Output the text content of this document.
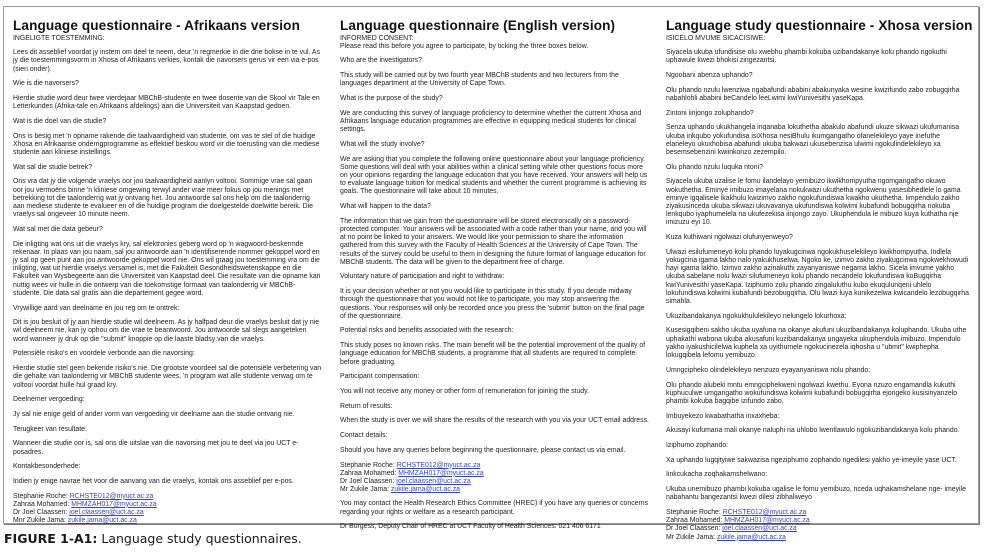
Language questionnaire - Afrikaans version
INGELIGTE TOESTEMMING:

Lees dit asseblief voordat jy instem om deel te neem, deur 'n regmerkie in die drie bokse in te vul. As jy die toestemmingsvorm in Xhosa of Afrikaans verkies, kontak die navorsers gerus vir een via e-pos (sien onder).

Wie is die navorsers?

Hierdie studie word deur twee vierdejaar MBChB-studente en twee dosente van die Skool vir Tale en Letterkundes (Afrika-tale en Afrikaans afdelings) aan die Universiteit van Kaapstad gedoen.

Wat is die doel van die studie?

Ons is besig met 'n opname rakende die taalvaardigheid van studente, om vas te stel of die huidige Xhosa en Afrikaanse onderrigprogramme as effektief beskou word vir die toerusting van die mediese studente aan kliniese instellings.

Wat sal die studie betrek?

Ons vra dat jy die volgende vraelys oor jou taalvaardigheid aanlyn voltooi. Sommige vrae sal gaan oor jou vermoëns binne 'n kliniese omgewing terwyl ander vrae meer fokus op jou menings met betrekking tot die taalonderrig wat jy ontvang het. Jou antwoorde sal ons help om die taalonderrig aan mediese studente te evalueer en of die huidige program die doelgestelde doelwitte bereik. Die vraelys sal ongeveer 10 minute neem.

Wat sal met die data gebeur?

Die inligting wat ons uit die vraelys kry, sal elektronies geberg word op 'n wagwoord-beskermde rekenaar. In plaas van jou naam, sal jou antwoorde aan 'n identifiserende nommer gekoppel word en jy sal op geen punt aan jou antwoorde gekoppel word nie. Ons wil graag jou toestemming vra om die inligting, wat uit hierdie vraelys versamel is, met die Fakulteit Gesondheidswetenskappe en die Fakulteit van Wysbegeerte aan die Universiteit van Kaapstad deel. Die resultate van die opname kan nuttig wees vir hulle in die ontwerp van die toekomstige formaat van taalonderrig vir MBChB-studente. Die data sal gratis aan die departement gegee word.

Vrywillige aard van deelname en jou reg om te onttrek:

Dit is jou besluit of jy aan hierdie studie wil deelneem. As jy halfpad deur die vraelys besluit dat jy nie wil deelneem nie, kan jy ophou om die vrae te beantwoord. Jou antwoorde sal slegs aangeteken word wanneer jy druk op die "submit" knoppie op die laaste bladsy van die vraelys.

Potensiële risiko's en voordele verbonde aan die navorsing:

Hierdie studie stel geen bekende risiko's nie. Die grootste voordeel sal die potensiële verbetering van die gehalte van taalonderrig vir MBChB studente wees, 'n program wat alle studente verwag om te voltooi voordat hulle hul graad kry.

Deelnemer vergoeding:

Jy sal nie enige geld of ander vorm van vergoeding vir deelname aan die studie ontvang nie.

Terugkeer van resultate:

Wanneer die studie oor is, sal ons die uitslae van die navorsing met jou te deel via jou UCT e-posadres.

Kontakbesonderhede:

Indien jy enige navrae het voor die aanvang van die vraelys, kontak ons asseblief per e-pos.

Stephanie Roche: RCHSTE012@myuct.ac.za
Zahraa Mohamed: MHMZAH017@myuct.ac.za
Dr Joel Claassen: joel.claassen@uct.ac.za
Mnr Zukile Jama: zukile.jama@uct.ac.za
Language questionnaire (English version)
INFORMED CONSENT:
Please read this before you agree to participate, by ticking the three boxes below.

Who are the investigators?

This study will be carried out by two fourth year MBChB students and two lecturers from the languages department at the University of Cape Town.

What is the purpose of the study?

We are conducting this survey of language proficiency to determine whether the current Xhosa and Afrikaans language education programmes are effective in equipping medical students for clinical settings.

What will the study involve?

We are asking that you complete the following online questionnaire about your language proficiency. Some questions will deal with your abilities within a clinical setting while other questions focus more on your opinions regarding the language education that you have received. Your answers will help us to evaluate language tuition for medical students and whether the current programme is achieving its goals. The questionnaire will take about 10 minutes.

What will happen to the data?

The information that we gain from the questionnaire will be stored electronically on a password-protected computer. Your answers will be associated with a code rather than your name, and you will at no point be linked to your answers. We would like your permission to share the information gathered from this survey with the Faculty of Health Sciences at the University of Cape Town. The results of the survey could be useful to them in designing the future format of language education for MBChB students. The data will be given to the department free of charge.

Voluntary nature of participation and right to withdraw:

It is your decision whether or not you would like to participate in this study. If you decide midway through the questionnaire that you would not like to participate, you may stop answering the questions. Your responses will only be recorded once you press the 'submit' button on the final page of the questionnaire.

Potential risks and benefits associated with the research:

This study poses no known risks. The main benefit will be the potential improvement of the quality of language education for MBChB students, a programme that all students are required to complete before graduating.

Participant compensation:

You will not receive any money or other form of remuneration for joining the study.

Return of results:

When the study is over we will share the results of the research with you via your UCT email address.

Contact details:

Should you have any queries before beginning the questionnaire, please contact us via email.

Stephanie Roche: RCHSTE012@myuct.ac.za
Zahraa Mohamed: MHMZAH017@myuct.ac.za
Dr Joel Claassen: joel.claassen@uct.ac.za
Mr Zukile Jama: zukile.jama@uct.ac.za

You may contact the Health Research Ethics Committee (HREC) if you have any queries or concerns regarding your rights or welfare as a research participant.

Dr Burgess, Deputy Chair of HREC at UCT Faculty of Health Sciences: 021 406 6171

Language study questionnaire - Xhosa version
ISICELO MVUME SICACISIWE:

Siyacela ukuba ufundisise olu xwebhu phambi kokuba uzibandakanye kolu phando ngokuthi uphawule kwezi bhokisi zingezantsi.

Ngoobani abenza uphando?

Olu phando nzulu lwenziwa ngabafundi ababini abakunyaka wesine kwizifundo zabo zobugqirha nabahlohli ababini beCandelo leeLwimi kwiYunivesithi yaseKapa.

Zintoni iinjongo zoluphando?

Senza uphando ukukhangela inqanaba lokuthetha abakulo abafundi ukuze sikwazi ukufumanisa ukuba inkqubo yokufundisa isiXhosa nesiBhulu ikumgangatho ofanelekileyo yaye inefuthe elaneleyo ukuxhobisa abafundi ukuba bakwazi ukusebenzisa ulwimi ngokulindelekileyo xa besemsebenzini kwiinkonzo zezempilo.

Olu phando nzulu luquka ntoni?

Siyacela ukuba uzalise le fomu ilandelayo yemibuzo ikwikhompyutha ngomgangatho okuwo wokuthetha. Eminye imibuzo imayelana nokukwazi ukuthetha ngokwenu yasesibhedlele lo gama eminye igqalisele ikakhulu kwizimvo zakho ngokufundiswa kwakho ukuthetha. Iimpendulo zakho ziyakusinceda ukuba sikwazi ukuvavanya ukufundiswa kolwimi kubafundi bobugqirha nokuba lenkqubo iyaphumelela na ukufezekisa iinjongo zayo. Ukuphendula le mibuzo kuya kuthatha nje imizuzu eyi 10.

Kuza kuthiwani ngolwazi olufunyenweyo?

Ulwazi esilufumeneyo kolu phando luyakugcinwa ngokukhuselekileyo kwikhompyutha. Indlela yokugcina igama lakho nalo iyakukhuselwa. Ngoko ke, izimvo zakho ziyakugcinwa ngokwekhowudi hayi igama lakho. Izimvo zakho azinakuthi zayanyaniswe negama lakho. Sicela imvume yakho ukuba sabelane nolu lwazi silufumeneyo kolu phando necandelo lokufundiswa koBugqirha kwiYunivesithi yaseKapa. Iziphumo zolu phando zingaluluthu kubo ekuqulunqeni uhlelo lokufundiswa kolwimi kubafundi bezobugqirha. Olu lwazi luya kunikezelwa kwicandelo lezobugqirha simahla.

Ukuzibandakanya ngokukhululekileyo nelungelo lokurhoxa:

Kusesigqibeni sakho ukuba uyafuna na okanye akufuni ukuzibandakanya koluphando. Ukuba uthe uphakathi wabona ukuba akusafuni kuzibandakanya ungayeka ukuphendula imibuzo. Impendulo yakho iyakushicilelwa kuphela xa uyithumele ngokucinezela iqhosha u "ubmit" kwiphepha lokugqibela lefomu yemibuzo.

Umngcipheko olindelekileyo nenzuzo eyayanyaniswa nolu phando:

Olu phando alubeki mntu emngciphekweni ngolwazi kwethu. Eyona nzuzo engamandla kukuthi kuphuculwe umgangatho wokufundiswa kolwimi kubafundi bobugqirha ejongeko kusisinyanzelo phambi kokuba bagqibe izifundo zabo.

Imbuyekezo kwabathatha inxaxheba:

Akusayi kufumana mali okanye naluphi na uhlobo lwentlawulo ngokuzibandakanya kolu phando.

Iziphumo zophando:

Xa uphando lugqityiwe sakwazisa ngeziphumo zophando ngedilesi yakho ye-imeyile yase UCT.

Iinkcukacha zoqhakamshelwano:

Ukuba unemibuzo phambi kokuba ugalise le fomu yemibuzo, nceda uqhakamshelane nge- imeyile nabahantu bangezantsi kwezi dilesi zibhaliweyo

Stephanie Roche: RCHSTE012@myuct.ac.za
Zahraa Mohamed: MHMZAH017@myuct.ac.za
Dr Joel Claassen: joel.claassen@uct.ac.za
Mr Zukile Jama: zukile.jama@uct.ac.za
FIGURE 1-A1: Language study questionnaires.
